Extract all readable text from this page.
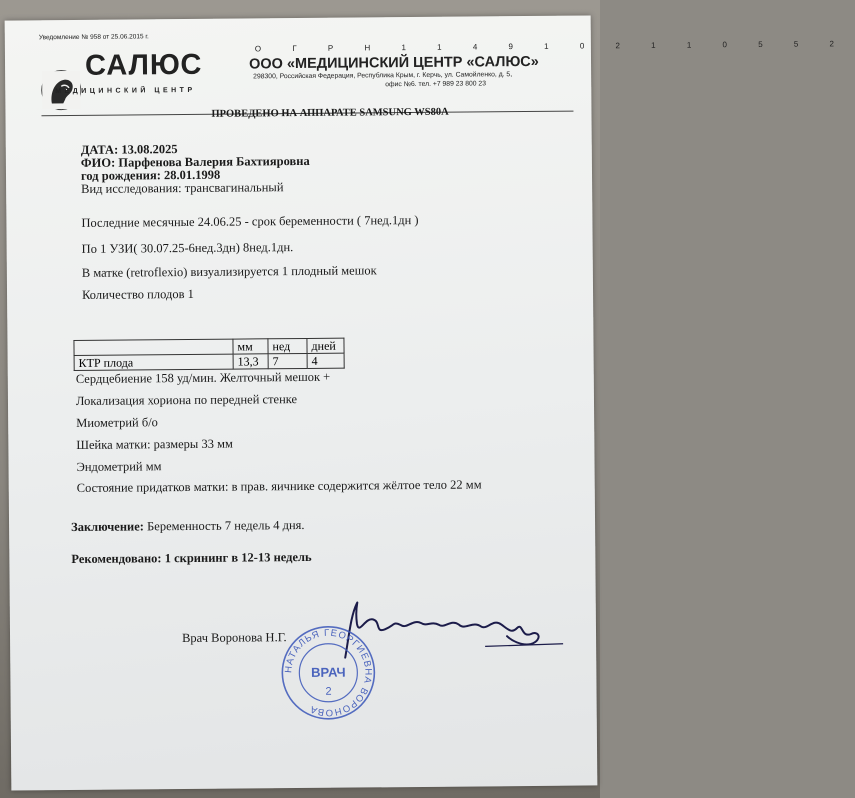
Уведомление № 958 от 25.06.2015 г.
САЛЮС
МЕДИЦИНСКИЙ ЦЕНТР
О Г Р Н 1 1 4 9 1 0 2 1 1 0 5 5 2
ООО «МЕДИЦИНСКИЙ ЦЕНТР «САЛЮС»
298300, Российская Федерация, Республика Крым, г. Керчь, ул. Самойленко, д. 5,
офис №6. тел. +7 989 23 800 23
ПРОВЕДЕНО НА АППАРАТЕ SAMSUNG WS80A
ДАТА: 13.08.2025
ФИО: Парфенова Валерия Бахтияровна
год рождения: 28.01.1998
Вид исследования: трансвагинальный
Последние месячные 24.06.25 - срок беременности ( 7нед.1дн )
По 1 УЗИ( 30.07.25-6нед.3дн) 8нед.1дн.
В матке (retroflexio) визуализируется 1 плодный мешок
Количество плодов 1
	мм	нед	дней
КТР плода	13,3	7	4
Сердцебиение 158 уд/мин. Желточный мешок +
Локализация хориона по передней стенке
Миометрий б/о
Шейка матки: размеры 33 мм
Эндометрий мм
Состояние придатков матки: в прав. яичнике содержится жёлтое тело 22 мм
Заключение: Беременность 7 недель 4 дня.
Рекомендовано: 1 скрининг в 12-13 недель
Врач Воронова Н.Г.
НАТАЛЬЯ ГЕОРГИЕВНА ВОРОНОВА
ВРАЧ
2
